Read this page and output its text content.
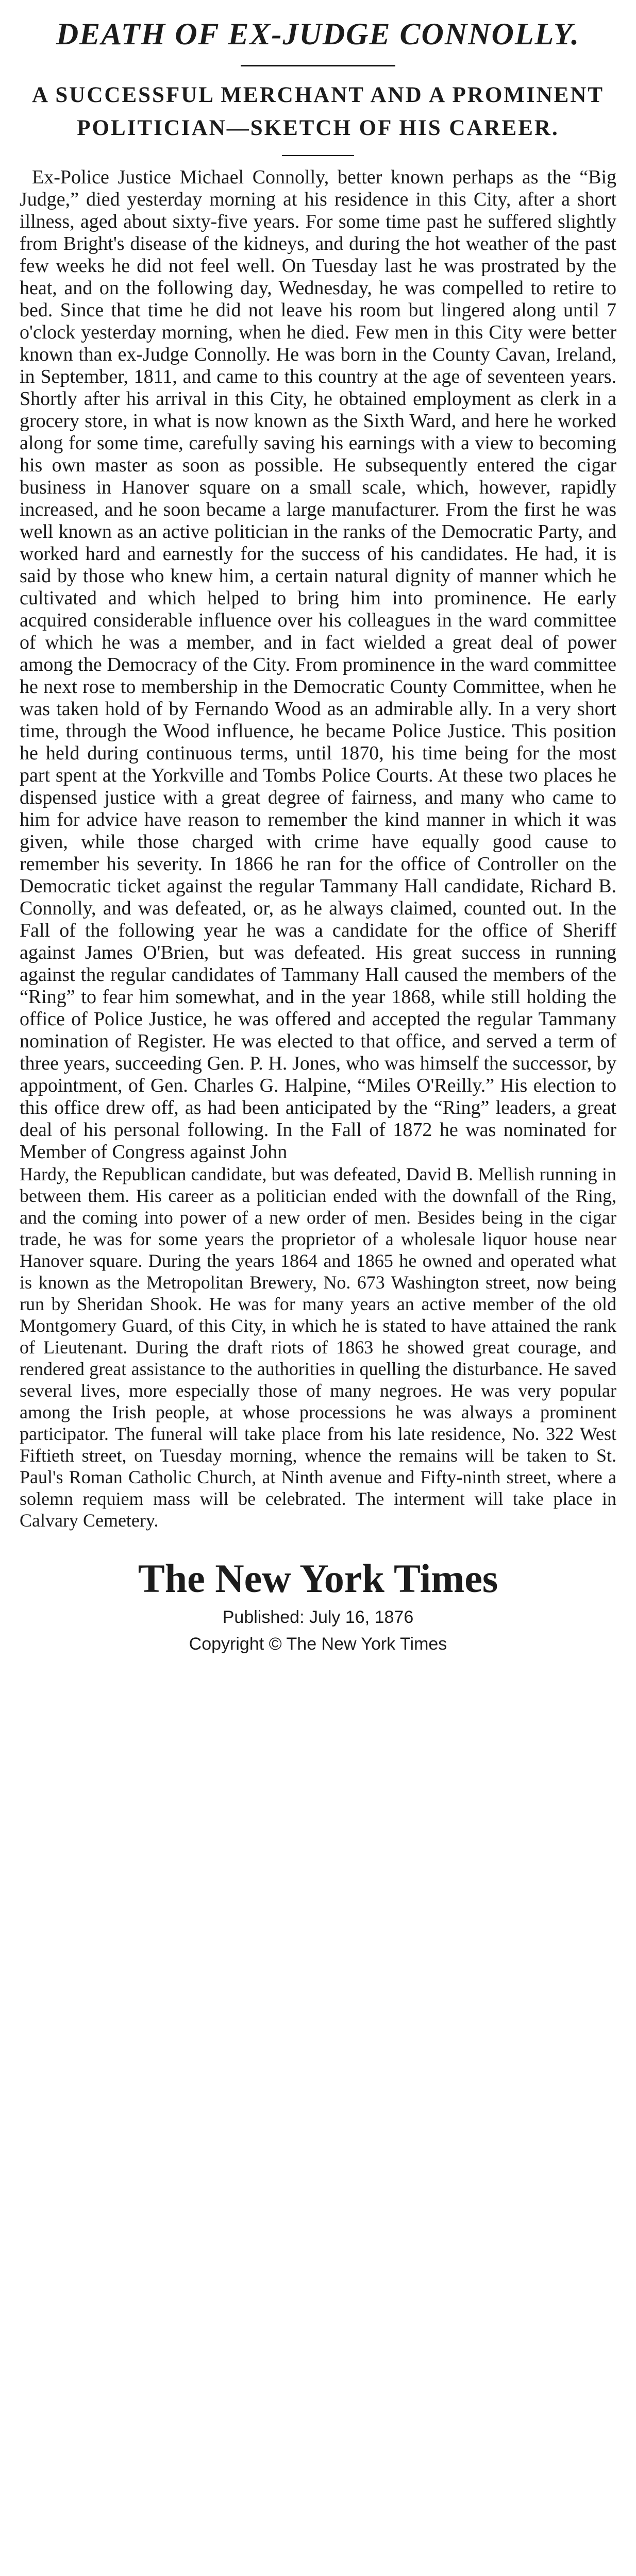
DEATH OF EX-JUDGE CONNOLLY.
A SUCCESSFUL MERCHANT AND A PROMINENT POLITICIAN—SKETCH OF HIS CAREER.

Ex-Police Justice Michael Connolly, better known perhaps as the “Big Judge,” died yesterday morning at his residence in this City, after a short illness, aged about sixty-five years. For some time past he suffered slightly from Bright's disease of the kidneys, and during the hot weather of the past few weeks he did not feel well. On Tuesday last he was prostrated by the heat, and on the following day, Wednesday, he was compelled to retire to bed. Since that time he did not leave his room but lingered along until 7 o'clock yesterday morning, when he died. Few men in this City were better known than ex-Judge Connolly. He was born in the County Cavan, Ireland, in September, 1811, and came to this country at the age of seventeen years. Shortly after his arrival in this City, he obtained employment as clerk in a grocery store, in what is now known as the Sixth Ward, and here he worked along for some time, carefully saving his earnings with a view to becoming his own master as soon as possible. He subsequently entered the cigar business in Hanover square on a small scale, which, however, rapidly increased, and he soon became a large manufacturer. From the first he was well known as an active politician in the ranks of the Democratic Party, and worked hard and earnestly for the success of his candidates. He had, it is said by those who knew him, a certain natural dignity of manner which he cultivated and which helped to bring him into prominence. He early acquired considerable influence over his colleagues in the ward committee of which he was a member, and in fact wielded a great deal of power among the Democracy of the City. From prominence in the ward committee he next rose to membership in the Democratic County Committee, when he was taken hold of by Fernando Wood as an admirable ally. In a very short time, through the Wood influence, he became Police Justice. This position he held during continuous terms, until 1870, his time being for the most part spent at the Yorkville and Tombs Police Courts. At these two places he dispensed justice with a great degree of fairness, and many who came to him for advice have reason to remember the kind manner in which it was given, while those charged with crime have equally good cause to remember his severity. In 1866 he ran for the office of Controller on the Democratic ticket against the regular Tammany Hall candidate, Richard B. Connolly, and was defeated, or, as he always claimed, counted out. In the Fall of the following year he was a candidate for the office of Sheriff against James O'Brien, but was defeated. His great success in running against the regular candidates of Tammany Hall caused the members of the “Ring” to fear him somewhat, and in the year 1868, while still holding the office of Police Justice, he was offered and accepted the regular Tammany nomination of Register. He was elected to that office, and served a term of three years, succeeding Gen. P. H. Jones, who was himself the successor, by appointment, of Gen. Charles G. Halpine, “Miles O'Reilly.” His election to this office drew off, as had been anticipated by the “Ring” leaders, a great deal of his personal following. In the Fall of 1872 he was nominated for Member of Congress against John

Hardy, the Republican candidate, but was defeated, David B. Mellish running in between them. His career as a politician ended with the downfall of the Ring, and the coming into power of a new order of men. Besides being in the cigar trade, he was for some years the proprietor of a wholesale liquor house near Hanover square. During the years 1864 and 1865 he owned and operated what is known as the Metropolitan Brewery, No. 673 Washington street, now being run by Sheridan Shook. He was for many years an active member of the old Montgomery Guard, of this City, in which he is stated to have attained the rank of Lieutenant. During the draft riots of 1863 he showed great courage, and rendered great assistance to the authorities in quelling the disturbance. He saved several lives, more especially those of many negroes. He was very popular among the Irish people, at whose processions he was always a prominent participator. The funeral will take place from his late residence, No. 322 West Fiftieth street, on Tuesday morning, whence the remains will be taken to St. Paul's Roman Catholic Church, at Ninth avenue and Fifty-ninth street, where a solemn requiem mass will be celebrated. The interment will take place in Calvary Cemetery.

The New York Times
Published: July 16, 1876
Copyright © The New York Times
